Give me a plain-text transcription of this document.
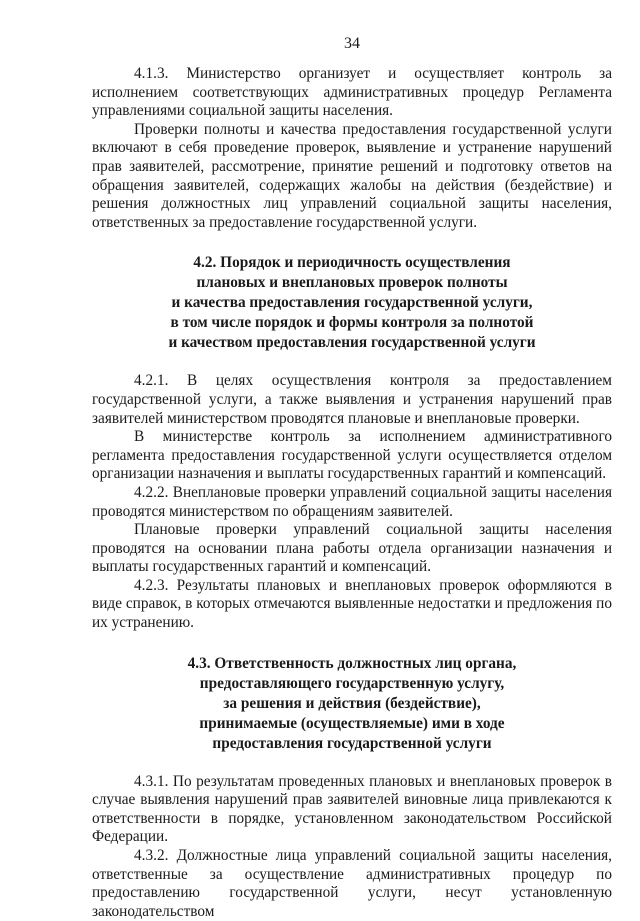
34

4.1.3. Министерство организует и осуществляет контроль за исполнением соответствующих административных процедур Регламента управлениями социальной защиты населения.

Проверки полноты и качества предоставления государственной услуги включают в себя проведение проверок, выявление и устранение нарушений прав заявителей, рассмотрение, принятие решений и подготовку ответов на обращения заявителей, содержащих жалобы на действия (бездействие) и решения должностных лиц управлений социальной защиты населения, ответственных за предоставление государственной услуги.

4.2. Порядок и периодичность осуществления
плановых и внеплановых проверок полноты
и качества предоставления государственной услуги,
в том числе порядок и формы контроля за полнотой
и качеством предоставления государственной услуги

4.2.1. В целях осуществления контроля за предоставлением государственной услуги, а также выявления и устранения нарушений прав заявителей министерством проводятся плановые и внеплановые проверки.

В министерстве контроль за исполнением административного регламента предоставления государственной услуги осуществляется отделом организации назначения и выплаты государственных гарантий и компенсаций.

4.2.2. Внеплановые проверки управлений социальной защиты населения проводятся министерством по обращениям заявителей.

Плановые проверки управлений социальной защиты населения проводятся на основании плана работы отдела организации назначения и выплаты государственных гарантий и компенсаций.

4.2.3. Результаты плановых и внеплановых проверок оформляются в виде справок, в которых отмечаются выявленные недостатки и предложения по их устранению.

4.3. Ответственность должностных лиц органа,
предоставляющего государственную услугу,
за решения и действия (бездействие),
принимаемые (осуществляемые) ими в ходе
предоставления государственной услуги

4.3.1. По результатам проведенных плановых и внеплановых проверок в случае выявления нарушений прав заявителей виновные лица привлекаются к ответственности в порядке, установленном законодательством Российской Федерации.

4.3.2. Должностные лица управлений социальной защиты населения, ответственные за осуществление административных процедур по предоставлению государственной услуги, несут установленную законодательством
